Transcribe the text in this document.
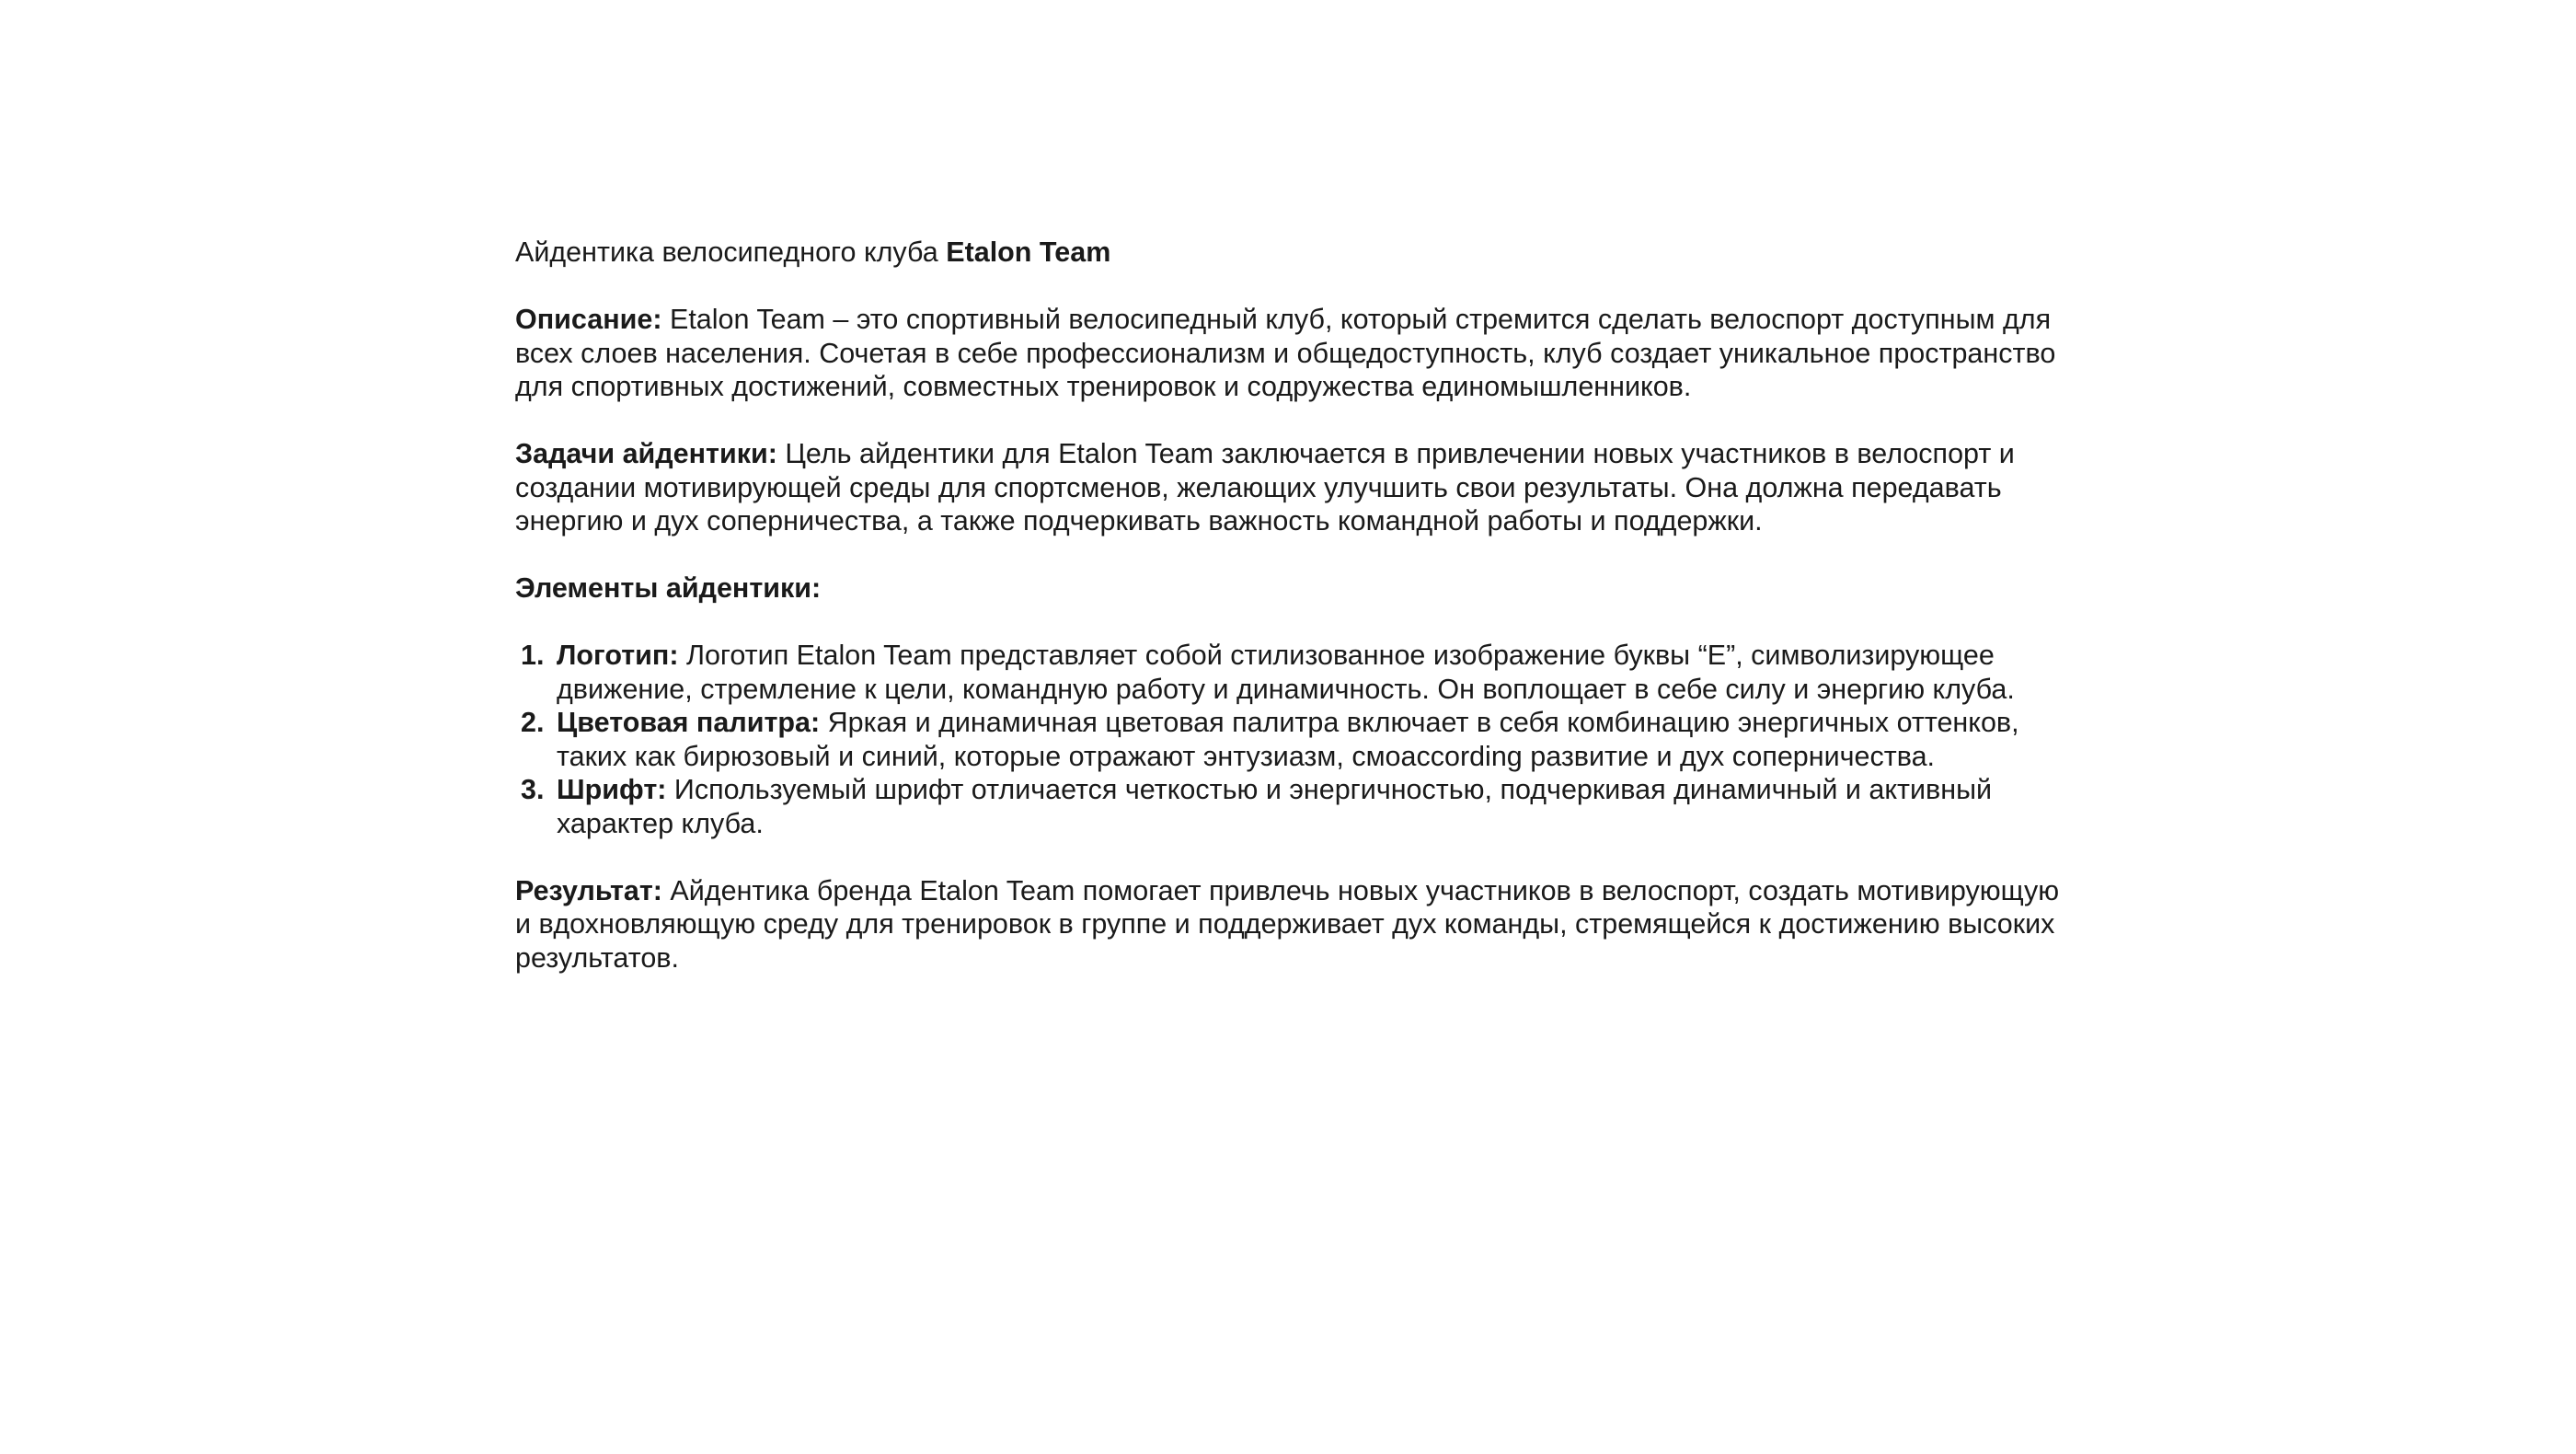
Айдентика велосипедного клуба Etalon Team

Описание: Etalon Team – это спортивный велосипедный клуб, который стремится сделать велоспорт доступным для всех слоев населения. Сочетая в себе профессионализм и общедоступность, клуб создает уникальное пространство для спортивных достижений, совместных тренировок и содружества единомышленников.

Задачи айдентики: Цель айдентики для Etalon Team заключается в привлечении новых участников в велоспорт и создании мотивирующей среды для спортсменов, желающих улучшить свои результаты. Она должна передавать энергию и дух соперничества, а также подчеркивать важность командной работы и поддержки.

Элементы айдентики:

Логотип: Логотип Etalon Team представляет собой стилизованное изображение буквы “E”, символизирующее движение, стремление к цели, командную работу и динамичность. Он воплощает в себе силу и энергию клуба.
Цветовая палитра: Яркая и динамичная цветовая палитра включает в себя комбинацию энергичных оттенков, таких как бирюзовый и синий, которые отражают энтузиазм, смоaccording развитие и дух соперничества.
Шрифт: Используемый шрифт отличается четкостью и энергичностью, подчеркивая динамичный и активный характер клуба.

Результат: Айдентика бренда Etalon Team помогает привлечь новых участников в велоспорт, создать мотивирующую и вдохновляющую среду для тренировок в группе и поддерживает дух команды, стремящейся к достижению высоких результатов.
